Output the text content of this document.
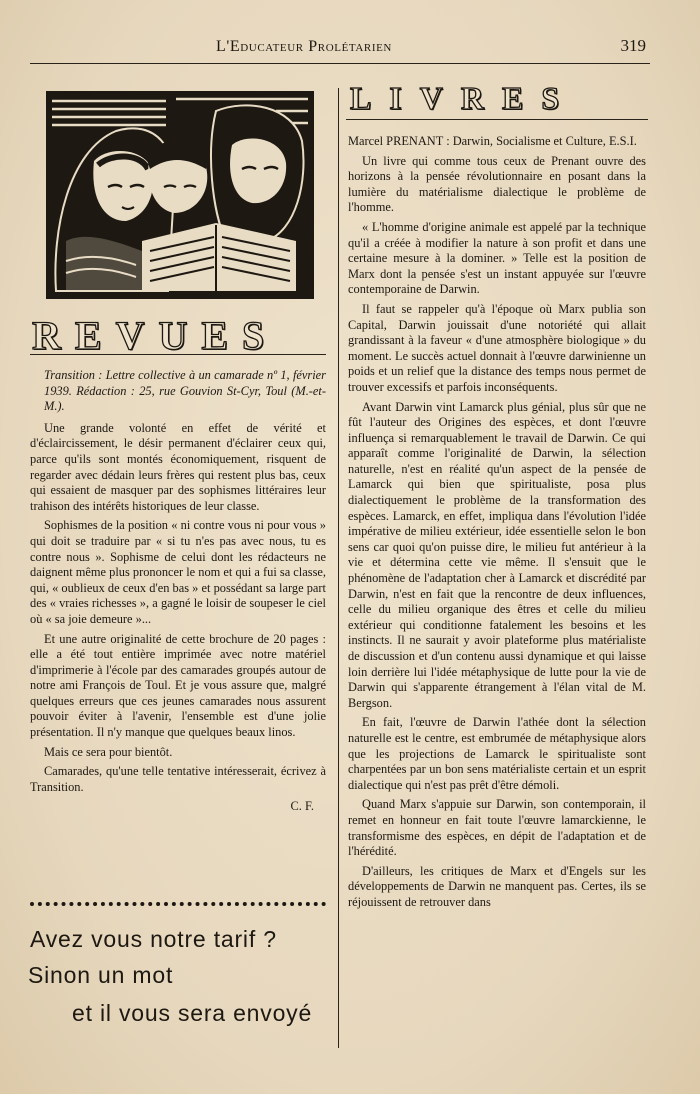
L'Educateur Prolétarien	319
REVUES

Transition : Lettre collective à un camarade nº 1, février 1939. Rédaction : 25, rue Gouvion St-Cyr, Toul (M.-et-M.).

Une grande volonté en effet de vérité et d'éclaircissement, le désir permanent d'éclairer ceux qui, parce qu'ils sont montés économiquement, risquent de regarder avec dédain leurs frères qui restent plus bas, ceux qui essaient de masquer par des sophismes littéraires leur trahison des intérêts historiques de leur classe.

Sophismes de la position « ni contre vous ni pour vous » qui doit se traduire par « si tu n'es pas avec nous, tu es contre nous ». Sophisme de celui dont les rédacteurs ne daignent même plus prononcer le nom et qui a fui sa classe, qui, « oublieux de ceux d'en bas » et possédant sa large part des « vraies richesses », a gagné le loisir de soupeser le ciel où « sa joie demeure »...

Et une autre originalité de cette brochure de 20 pages : elle a été tout entière imprimée avec notre matériel d'imprimerie à l'école par des camarades groupés autour de notre ami François de Toul. Et je vous assure que, malgré quelques erreurs que ces jeunes camarades nous assurent pouvoir éviter à l'avenir, l'ensemble est d'une jolie présentation. Il n'y manque que quelques beaux linos.

Mais ce sera pour bientôt.

Camarades, qu'une telle tentative intéresserait, écrivez à Transition.

C. F.
Avez vous notre tarif ?
Sinon un mot
et il vous sera envoyé
LIVRES

Marcel PRENANT : Darwin, Socialisme et Culture, E.S.I.

Un livre qui comme tous ceux de Prenant ouvre des horizons à la pensée révolutionnaire en posant dans la lumière du matérialisme dialectique le problème de l'homme.

« L'homme d'origine animale est appelé par la technique qu'il a créée à modifier la nature à son profit et dans une certaine mesure à la dominer. » Telle est la position de Marx dont la pensée s'est un instant appuyée sur l'œuvre contemporaine de Darwin.

Il faut se rappeler qu'à l'époque où Marx publia son Capital, Darwin jouissait d'une notoriété qui allait grandissant à la faveur « d'une atmosphère biologique » du moment. Le succès actuel donnait à l'œuvre darwinienne un poids et un relief que la distance des temps nous permet de trouver excessifs et parfois inconséquents.

Avant Darwin vint Lamarck plus génial, plus sûr que ne fût l'auteur des Origines des espèces, et dont l'œuvre influença si remarquablement le travail de Darwin. Ce qui apparaît comme l'originalité de Darwin, la sélection naturelle, n'est en réalité qu'un aspect de la pensée de Lamarck qui bien que spiritualiste, posa plus dialectiquement le problème de la transformation des espèces. Lamarck, en effet, impliqua dans l'évolution l'idée impérative de milieu extérieur, idée essentielle selon le bon sens car quoi qu'on puisse dire, le milieu fut antérieur à la vie et détermina cette vie même. Il s'ensuit que le phénomène de l'adaptation cher à Lamarck et discrédité par Darwin, n'est en fait que la rencontre de deux influences, celle du milieu organique des êtres et celle du milieu extérieur qui conditionne fatalement les besoins et les instincts. Il ne saurait y avoir plateforme plus matérialiste de discussion et d'un contenu aussi dynamique et qui laisse loin derrière lui l'idée métaphysique de lutte pour la vie de Darwin qui s'apparente étrangement à l'élan vital de M. Bergson.

En fait, l'œuvre de Darwin l'athée dont la sélection naturelle est le centre, est embrumée de métaphysique alors que les projections de Lamarck le spiritualiste sont charpentées par un bon sens matérialiste certain et un esprit dialectique qui n'est pas prêt d'être démoli.

Quand Marx s'appuie sur Darwin, son contemporain, il remet en honneur en fait toute l'œuvre lamarckienne, le transformisme des espèces, en dépit de l'adaptation et de l'hérédité.

D'ailleurs, les critiques de Marx et d'Engels sur les développements de Darwin ne manquent pas. Certes, ils se réjouissent de retrouver dans
